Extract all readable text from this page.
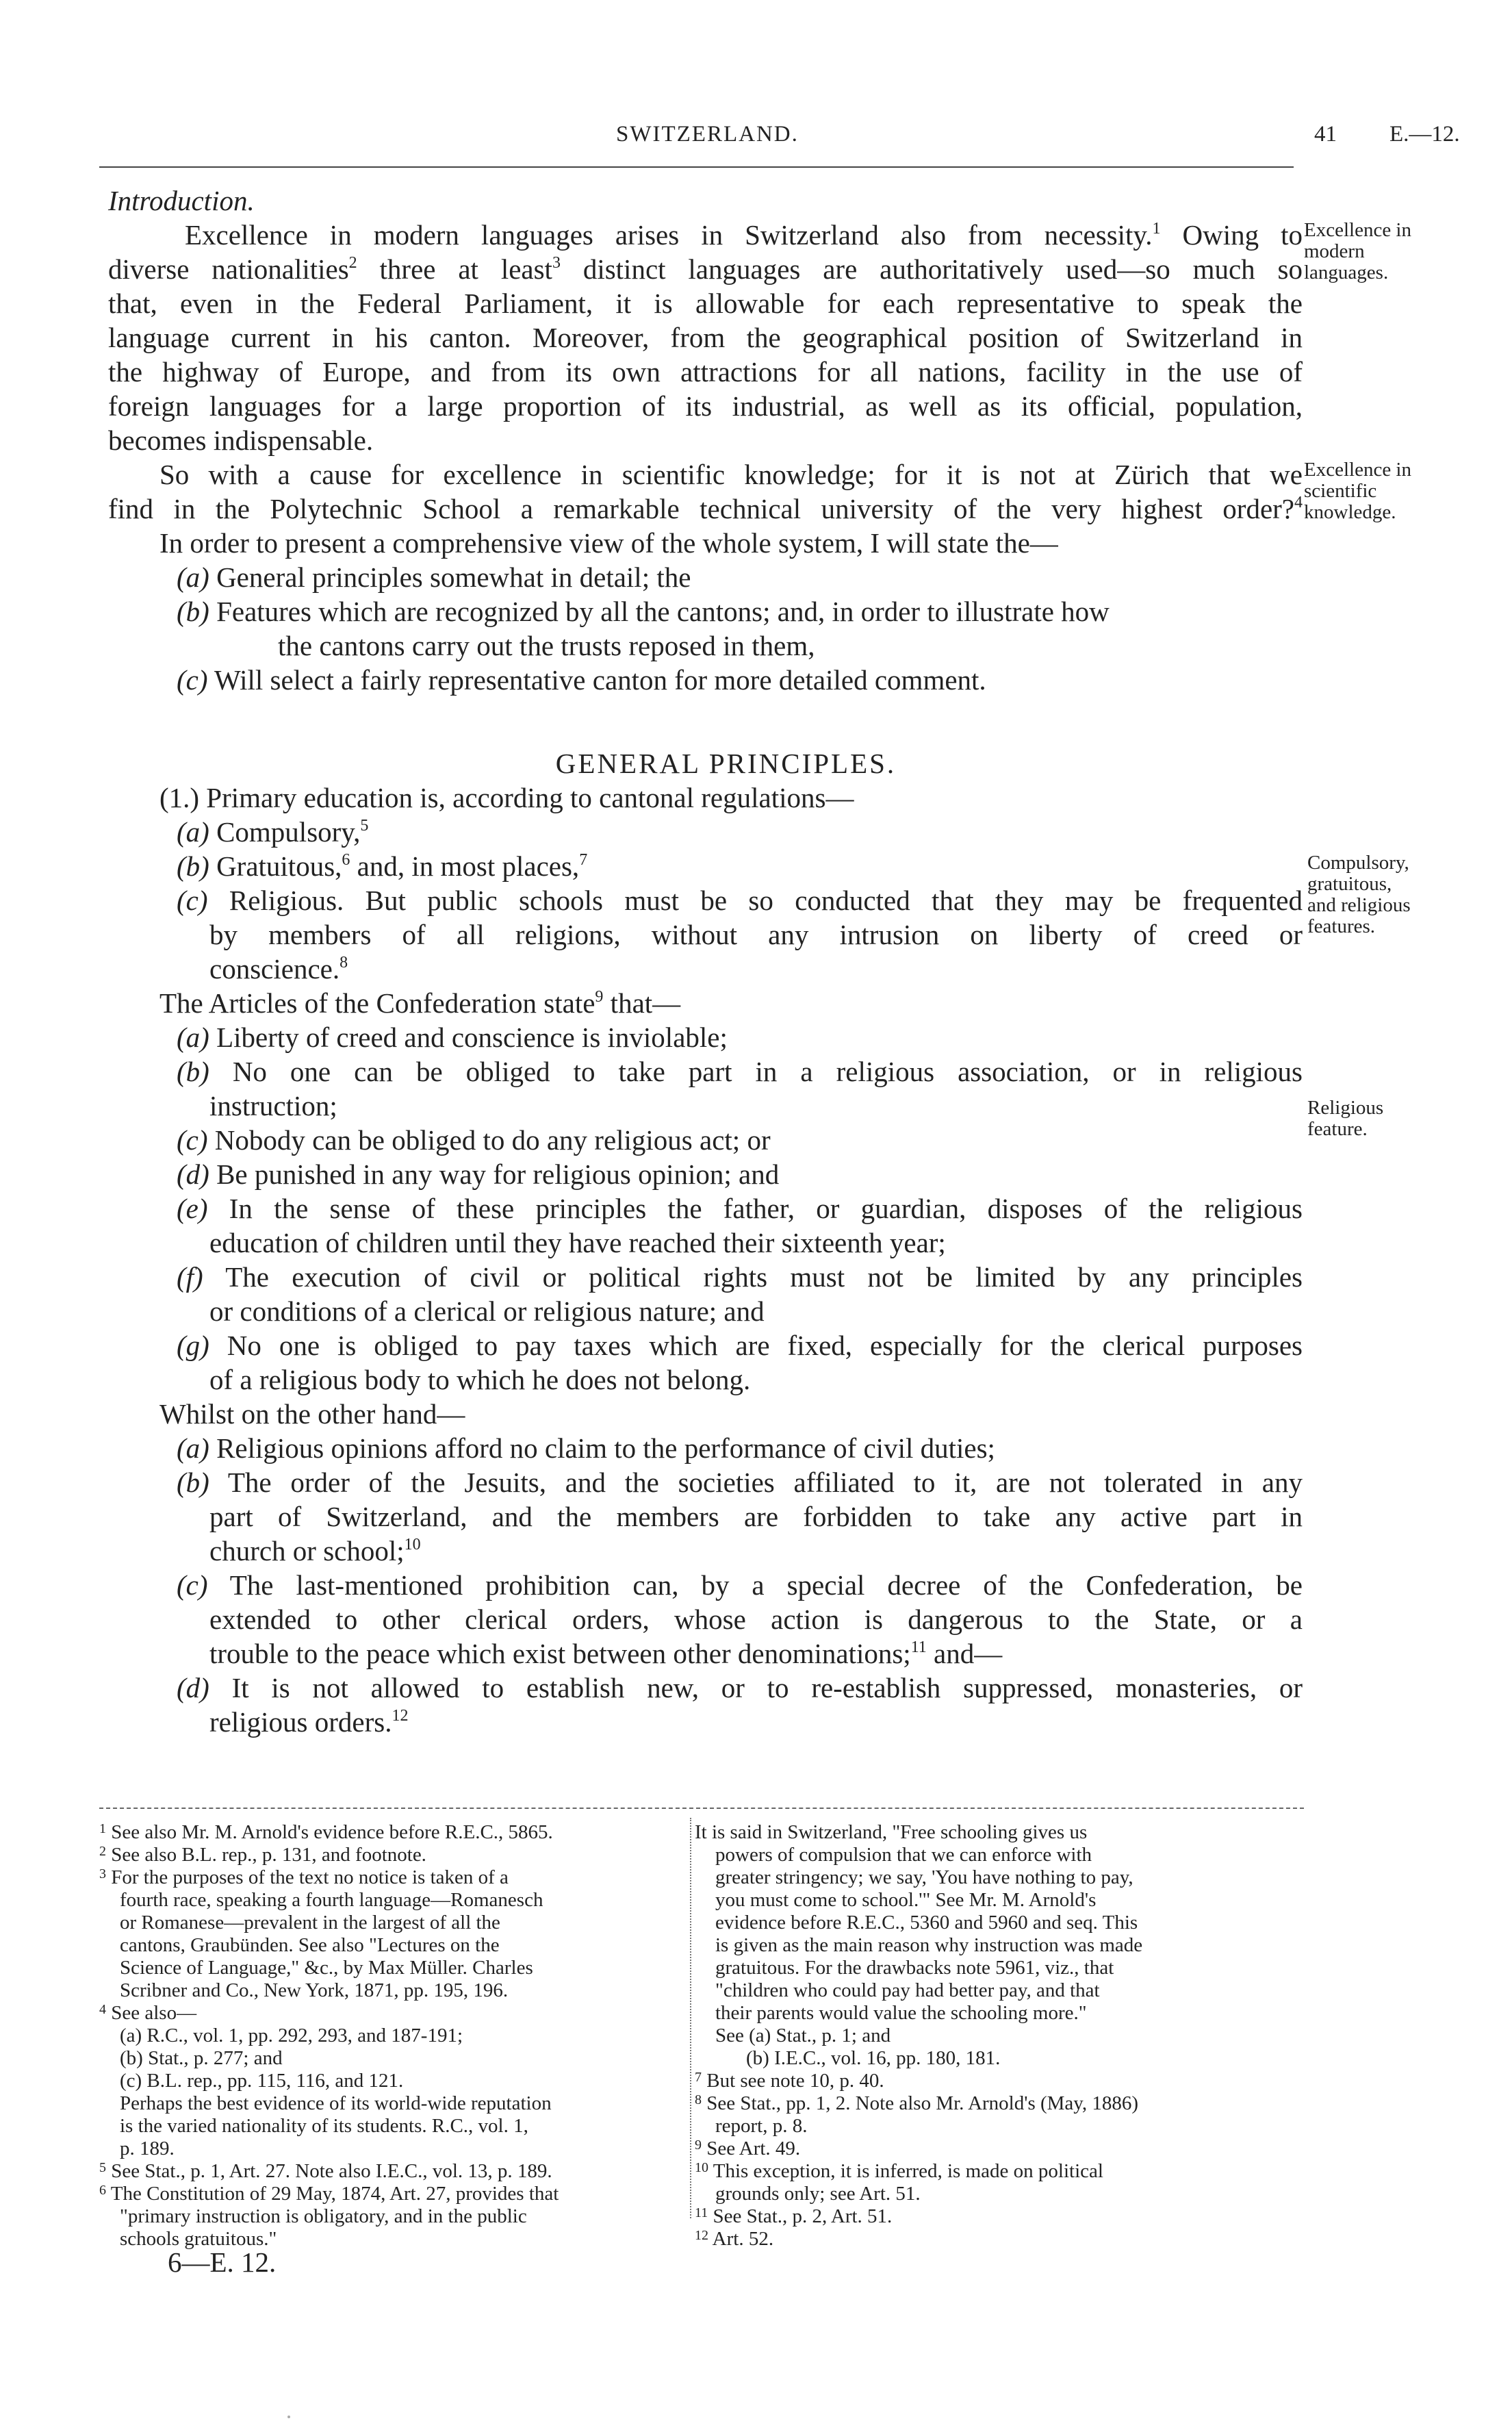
SWITZERLAND.	41 E.—12.
Excellence in
modern
languages.
Excellence in
scientific
knowledge.
Compulsory,
gratuitous,
and religious
features.
Religious
feature.
Introduction.
Excellence in modern languages arises in Switzerland also from necessity.$^1$ Owing to
diverse nationalities$^2$ three at least$^3$ distinct languages are authoritatively used—so much so
that, even in the Federal Parliament, it is allowable for each representative to speak the
language current in his canton. Moreover, from the geographical position of Switzerland in
the highway of Europe, and from its own attractions for all nations, facility in the use of
foreign languages for a large proportion of its industrial, as well as its official, population,
becomes indispensable.
So with a cause for excellence in scientific knowledge; for it is not at Zürich that we
find in the Polytechnic School a remarkable technical university of the very highest order?$^4$
In order to present a comprehensive view of the whole system, I will state the—
(a) General principles somewhat in detail; the
(b) Features which are recognized by all the cantons; and, in order to illustrate how
the cantons carry out the trusts reposed in them,
(c) Will select a fairly representative canton for more detailed comment.
GENERAL PRINCIPLES.
(1.) Primary education is, according to cantonal regulations—
(a) Compulsory,$^5$
(b) Gratuitous,$^6$ and, in most places,$^7$
(c) Religious. But public schools must be so conducted that they may be frequented
by members of all religions, without any intrusion on liberty of creed or
conscience.$^8$
The Articles of the Confederation state$^9$ that—
(a) Liberty of creed and conscience is inviolable;
(b) No one can be obliged to take part in a religious association, or in religious
instruction;
(c) Nobody can be obliged to do any religious act; or
(d) Be punished in any way for religious opinion; and
(e) In the sense of these principles the father, or guardian, disposes of the religious
education of children until they have reached their sixteenth year;
(f) The execution of civil or political rights must not be limited by any principles
or conditions of a clerical or religious nature; and
(g) No one is obliged to pay taxes which are fixed, especially for the clerical purposes
of a religious body to which he does not belong.
Whilst on the other hand—
(a) Religious opinions afford no claim to the performance of civil duties;
(b) The order of the Jesuits, and the societies affiliated to it, are not tolerated in any
part of Switzerland, and the members are forbidden to take any active part in
church or school;$^{10}$
(c) The last-mentioned prohibition can, by a special decree of the Confederation, be
extended to other clerical orders, whose action is dangerous to the State, or a
trouble to the peace which exist between other denominations;$^{11}$ and—
(d) It is not allowed to establish new, or to re-establish suppressed, monasteries, or
religious orders.$^{12}$
$^1$ See also Mr. M. Arnold's evidence before R.E.C., 5865.
$^2$ See also B.L. rep., p. 131, and footnote.
$^3$ For the purposes of the text no notice is taken of a
fourth race, speaking a fourth language—Romanesch
or Romanese—prevalent in the largest of all the
cantons, Graubünden. See also "Lectures on the
Science of Language," &c., by Max Müller. Charles
Scribner and Co., New York, 1871, pp. 195, 196.
$^4$ See also—
(a) R.C., vol. 1, pp. 292, 293, and 187-191;
(b) Stat., p. 277; and
(c) B.L. rep., pp. 115, 116, and 121.
Perhaps the best evidence of its world-wide reputation
is the varied nationality of its students. R.C., vol. 1,
p. 189.
$^5$ See Stat., p. 1, Art. 27. Note also I.E.C., vol. 13, p. 189.
$^6$ The Constitution of 29 May, 1874, Art. 27, provides that
"primary instruction is obligatory, and in the public
schools gratuitous."
It is said in Switzerland, "Free schooling gives us
powers of compulsion that we can enforce with
greater stringency; we say, 'You have nothing to pay,
you must come to school.'" See Mr. M. Arnold's
evidence before R.E.C., 5360 and 5960 and seq. This
is given as the main reason why instruction was made
gratuitous. For the drawbacks note 5961, viz., that
"children who could pay had better pay, and that
their parents would value the schooling more."
See (a) Stat., p. 1; and
(b) I.E.C., vol. 16, pp. 180, 181.
$^7$ But see note 10, p. 40.
$^8$ See Stat., pp. 1, 2. Note also Mr. Arnold's (May, 1886)
report, p. 8.
$^9$ See Art. 49.
$^{10}$ This exception, it is inferred, is made on political
grounds only; see Art. 51.
$^{11}$ See Stat., p. 2, Art. 51.
$^{12}$ Art. 52.
6—E. 12.
